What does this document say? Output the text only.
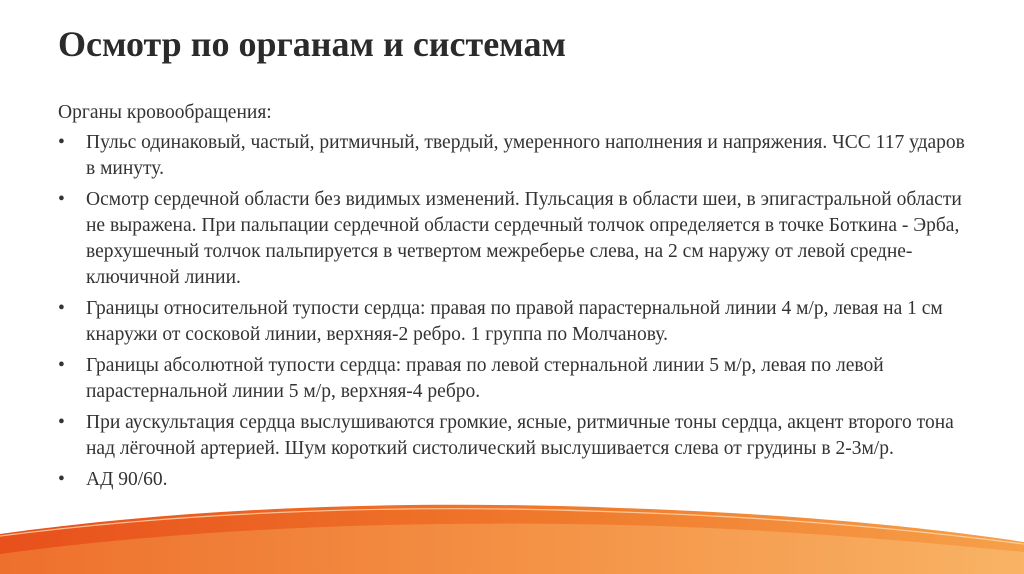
Осмотр по органам и системам

Органы кровообращения:

• Пульс одинаковый, частый, ритмичный, твердый, умеренного наполнения и напряжения. ЧСС 117 ударов в минуту.
• Осмотр сердечной области без видимых изменений. Пульсация в области шеи, в эпигастральной области не выражена. При пальпации сердечной области сердечный толчок определяется в точке Боткина - Эрба, верхушечный толчок пальпируется в четвертом межреберье слева, на 2 см наружу от левой средне-ключичной линии.
• Границы относительной тупости сердца: правая по правой парастернальной линии 4 м/р, левая на 1 см кнаружи от сосковой линии, верхняя-2 ребро. 1 группа по Молчанову.
• Границы абсолютной тупости сердца: правая по левой стернальной линии 5 м/р, левая по левой парастернальной линии 5 м/р, верхняя-4 ребро.
• При аускультация сердца выслушиваются громкие, ясные, ритмичные тоны сердца, акцент второго тона над лёгочной артерией. Шум короткий систолический выслушивается слева от грудины в 2-3м/р.
• АД 90/60.
